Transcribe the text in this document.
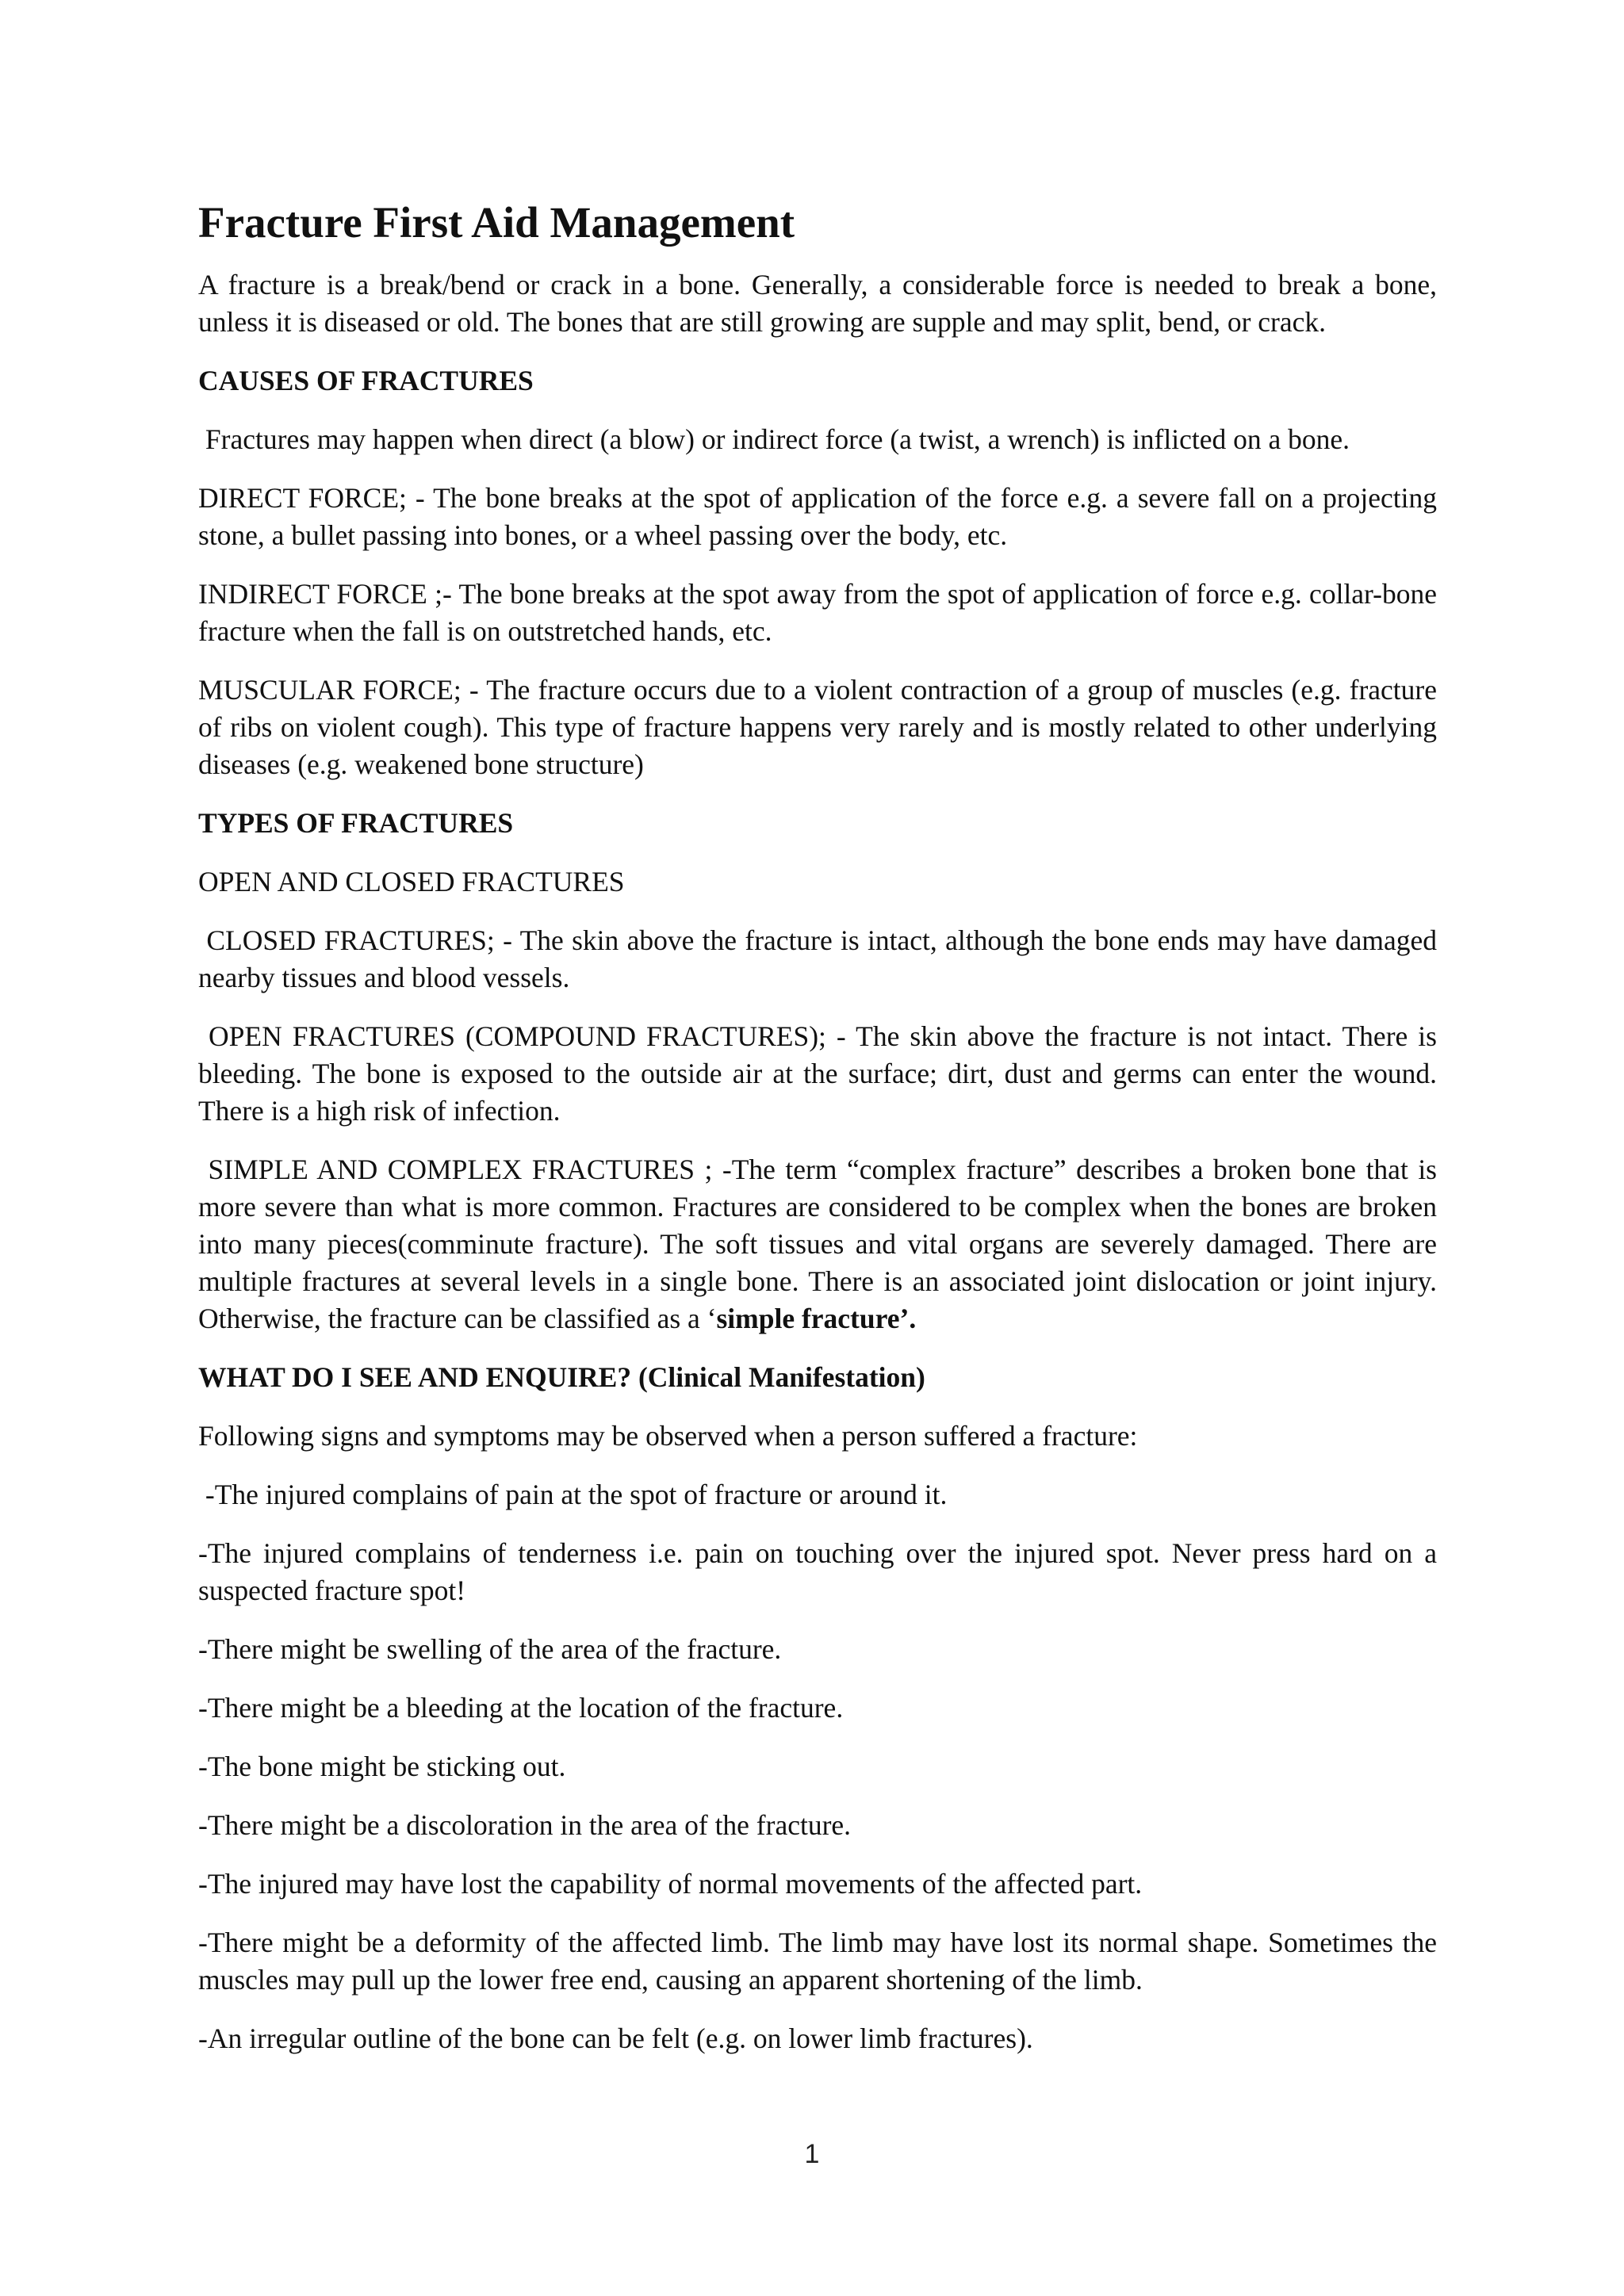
Fracture First Aid Management

A fracture is a break/bend or crack in a bone. Generally, a considerable force is needed to break a bone, unless it is diseased or old. The bones that are still growing are supple and may split, bend, or crack.

CAUSES OF FRACTURES

Fractures may happen when direct (a blow) or indirect force (a twist, a wrench) is inflicted on a bone.

DIRECT FORCE; - The bone breaks at the spot of application of the force e.g. a severe fall on a projecting stone, a bullet passing into bones, or a wheel passing over the body, etc.

INDIRECT FORCE ;- The bone breaks at the spot away from the spot of application of force e.g. collar-bone fracture when the fall is on outstretched hands, etc.

MUSCULAR FORCE; - The fracture occurs due to a violent contraction of a group of muscles (e.g. fracture of ribs on violent cough). This type of fracture happens very rarely and is mostly related to other underlying diseases (e.g. weakened bone structure)

TYPES OF FRACTURES

OPEN AND CLOSED FRACTURES

CLOSED FRACTURES; - The skin above the fracture is intact, although the bone ends may have damaged nearby tissues and blood vessels.

OPEN FRACTURES (COMPOUND FRACTURES); - The skin above the fracture is not intact. There is bleeding. The bone is exposed to the outside air at the surface; dirt, dust and germs can enter the wound. There is a high risk of infection.

SIMPLE AND COMPLEX FRACTURES ; -The term “complex fracture” describes a broken bone that is more severe than what is more common. Fractures are considered to be complex when the bones are broken into many pieces(comminute fracture). The soft tissues and vital organs are severely damaged. There are multiple fractures at several levels in a single bone. There is an associated joint dislocation or joint injury. Otherwise, the fracture can be classified as a ‘simple fracture’.

WHAT DO I SEE AND ENQUIRE? (Clinical Manifestation)

Following signs and symptoms may be observed when a person suffered a fracture:

-The injured complains of pain at the spot of fracture or around it.

-The injured complains of tenderness i.e. pain on touching over the injured spot. Never press hard on a suspected fracture spot!

-There might be swelling of the area of the fracture.

-There might be a bleeding at the location of the fracture.

-The bone might be sticking out.

-There might be a discoloration in the area of the fracture.

-The injured may have lost the capability of normal movements of the affected part.

-There might be a deformity of the affected limb. The limb may have lost its normal shape. Sometimes the muscles may pull up the lower free end, causing an apparent shortening of the limb.

-An irregular outline of the bone can be felt (e.g. on lower limb fractures).

1
